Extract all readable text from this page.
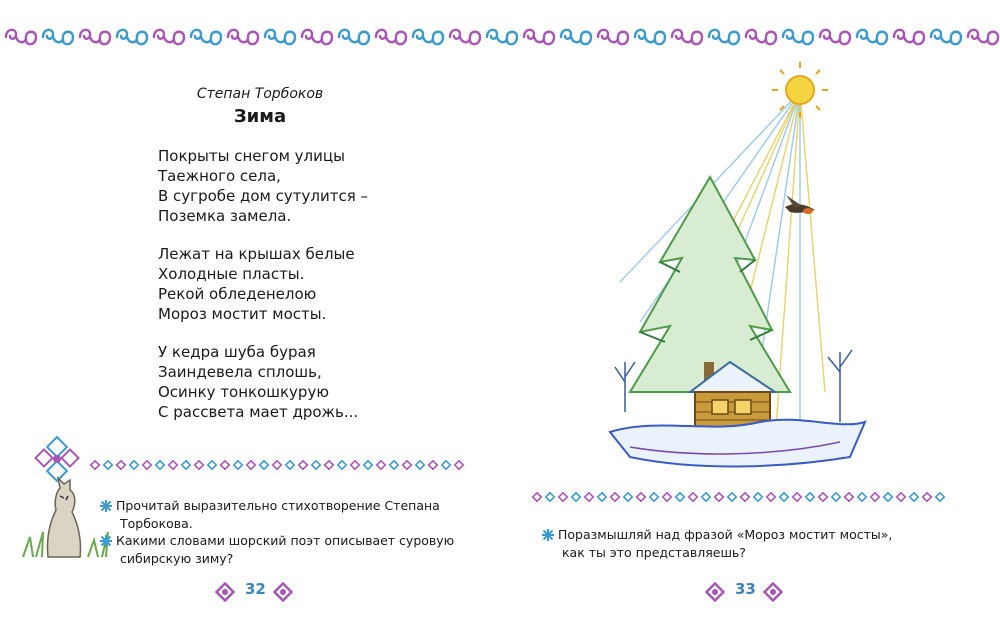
Степан Торбоков
Зима
Покрыты снегом улицы
Таежного села,
В сугробе дом сутулится –
Поземка замела.
Лежат на крышах белые
Холодные пласты.
Рекой обледенелою
Мороз мостит мосты.
У кедра шуба бурая
Заиндевела сплошь,
Осинку тонкошкурую
С рассвета мает дрожь...
Прочитай выразительно стихотворение Степана
Торбокова.
Какими словами шорский поэт описывает суровую
сибирскую зиму?
32
Поразмышляй над фразой «Мороз мостит мосты»,
как ты это представляешь?
33
